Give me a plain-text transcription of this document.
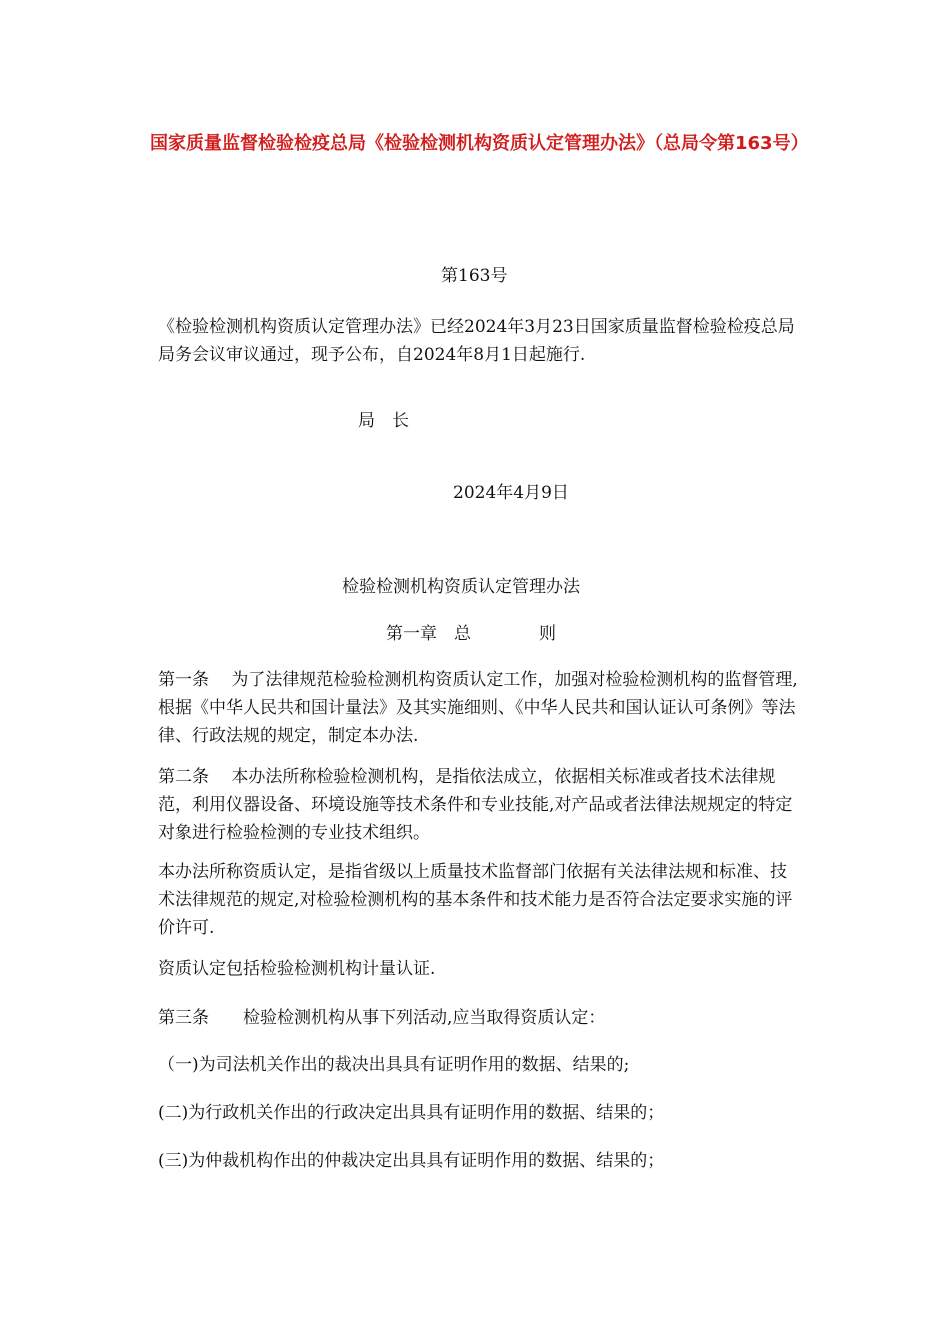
国家质量监督检验检疫总局《检验检测机构资质认定管理办法》（总局令第163号）
第163号
《检验检测机构资质认定管理办法》已经2024年3月23日国家质量监督检验检疫总局局务会议审议通过，现予公布，自2024年8月1日起施行.
局　长
2024年4月9日
检验检测机构资质认定管理办法
第一章　总　　　　则
第一条　 为了法律规范检验检测机构资质认定工作，加强对检验检测机构的监督管理,根据《中华人民共和国计量法》及其实施细则、《中华人民共和国认证认可条例》等法律、行政法规的规定，制定本办法.
第二条　 本办法所称检验检测机构，是指依法成立，依据相关标准或者技术法律规范，利用仪器设备、环境设施等技术条件和专业技能,对产品或者法律法规规定的特定对象进行检验检测的专业技术组织。
本办法所称资质认定，是指省级以上质量技术监督部门依据有关法律法规和标准、技术法律规范的规定,对检验检测机构的基本条件和技术能力是否符合法定要求实施的评价许可.
资质认定包括检验检测机构计量认证.
第三条　　检验检测机构从事下列活动,应当取得资质认定：
（一)为司法机关作出的裁决出具具有证明作用的数据、结果的;
(二)为行政机关作出的行政决定出具具有证明作用的数据、结果的；
(三)为仲裁机构作出的仲裁决定出具具有证明作用的数据、结果的；
